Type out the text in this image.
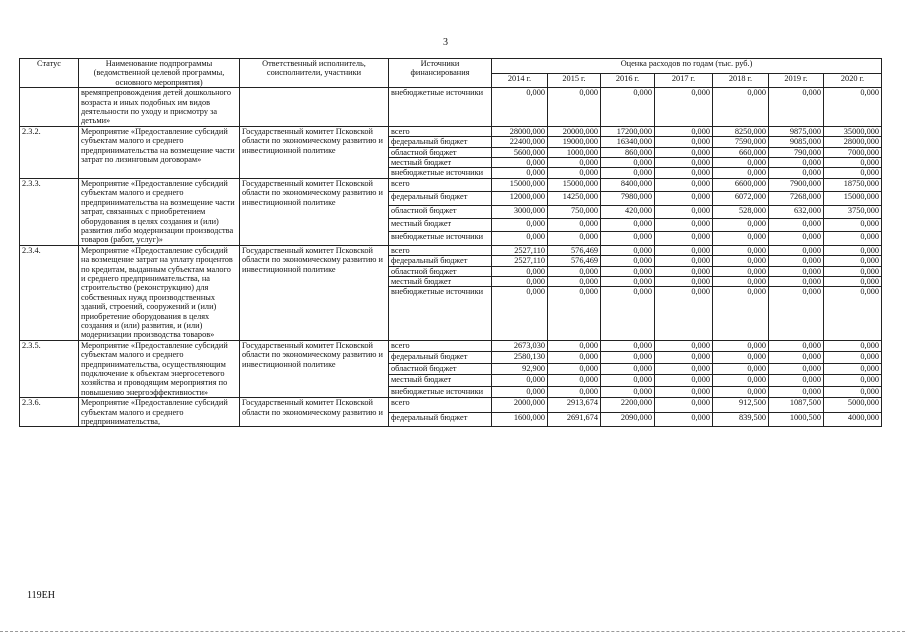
3
Статус	Наименование подпрограммы (ведомственной целевой программы, основного мероприятия)	Ответственный исполнитель, соисполнители, участники	Источники финансирования	Оценка расходов по годам (тыс. руб.)						
				2014 г.	2015 г.	2016 г.	2017 г.	2018 г.	2019 г.	2020 г.
	времяпрепровождения детей дошкольного возраста и иных подобных им видов деятельности по уходу и присмотру за детьми»		внебюджетные источники	0,000	0,000	0,000	0,000	0,000	0,000	0,000
2.3.2.	Мероприятие «Предоставление субсидий субъектам малого и среднего предпринимательства на возмещение части затрат по лизинговым договорам»	Государственный комитет Псковской области по экономическому развитию и инвестиционной политике	всего	28000,000	20000,000	17200,000	0,000	8250,000	9875,000	35000,000
			федеральный бюджет	22400,000	19000,000	16340,000	0,000	7590,000	9085,000	28000,000
			областной бюджет	5600,000	1000,000	860,000	0,000	660,000	790,000	7000,000
			местный бюджет	0,000	0,000	0,000	0,000	0,000	0,000	0,000
			внебюджетные источники	0,000	0,000	0,000	0,000	0,000	0,000	0,000
2.3.3.	Мероприятие «Предоставление субсидий субъектам малого и среднего предпринимательства на возмещение части затрат, связанных с приобретением оборудования в целях создания и (или) развития либо модернизации производства товаров (работ, услуг)»	Государственный комитет Псковской области по экономическому развитию и инвестиционной политике	всего	15000,000	15000,000	8400,000	0,000	6600,000	7900,000	18750,000
			федеральный бюджет	12000,000	14250,000	7980,000	0,000	6072,000	7268,000	15000,000
			областной бюджет	3000,000	750,000	420,000	0,000	528,000	632,000	3750,000
			местный бюджет	0,000	0,000	0,000	0,000	0,000	0,000	0,000
			внебюджетные источники	0,000	0,000	0,000	0,000	0,000	0,000	0,000
2.3.4.	Мероприятие «Предоставление субсидий на возмещение затрат на уплату процентов по кредитам, выданным субъектам малого и среднего предпринимательства, на строительство (реконструкцию) для собственных нужд производственных зданий, строений, сооружений и (или) приобретение оборудования в целях создания и (или) развития, и (или) модернизации производства товаров»	Государственный комитет Псковской области по экономическому развитию и инвестиционной политике	всего	2527,110	576,469	0,000	0,000	0,000	0,000	0,000
			федеральный бюджет	2527,110	576,469	0,000	0,000	0,000	0,000	0,000
			областной бюджет	0,000	0,000	0,000	0,000	0,000	0,000	0,000
			местный бюджет	0,000	0,000	0,000	0,000	0,000	0,000	0,000
			внебюджетные источники	0,000	0,000	0,000	0,000	0,000	0,000	0,000

2.3.5.	Мероприятие «Предоставление субсидий субъектам малого и среднего предпринимательства, осуществляющим подключение к объектам энергосетевого хозяйства и проводящим мероприятия по повышению энергоэффективности»	Государственный комитет Псковской области по экономическому развитию и инвестиционной политике	всего	2673,030	0,000	0,000	0,000	0,000	0,000	0,000
			федеральный бюджет	2580,130	0,000	0,000	0,000	0,000	0,000	0,000
			областной бюджет	92,900	0,000	0,000	0,000	0,000	0,000	0,000
			местный бюджет	0,000	0,000	0,000	0,000	0,000	0,000	0,000
			внебюджетные источники	0,000	0,000	0,000	0,000	0,000	0,000	0,000
2.3.6.	Мероприятие «Предоставление субсидий субъектам малого и среднего предпринимательства,	Государственный комитет Псковской области по экономическому развитию и	всего	2000,000	2913,674	2200,000	0,000	912,500	1087,500	5000,000
			федеральный бюджет	1600,000	2691,674	2090,000	0,000	839,500	1000,500	4000,000
119ЕН
